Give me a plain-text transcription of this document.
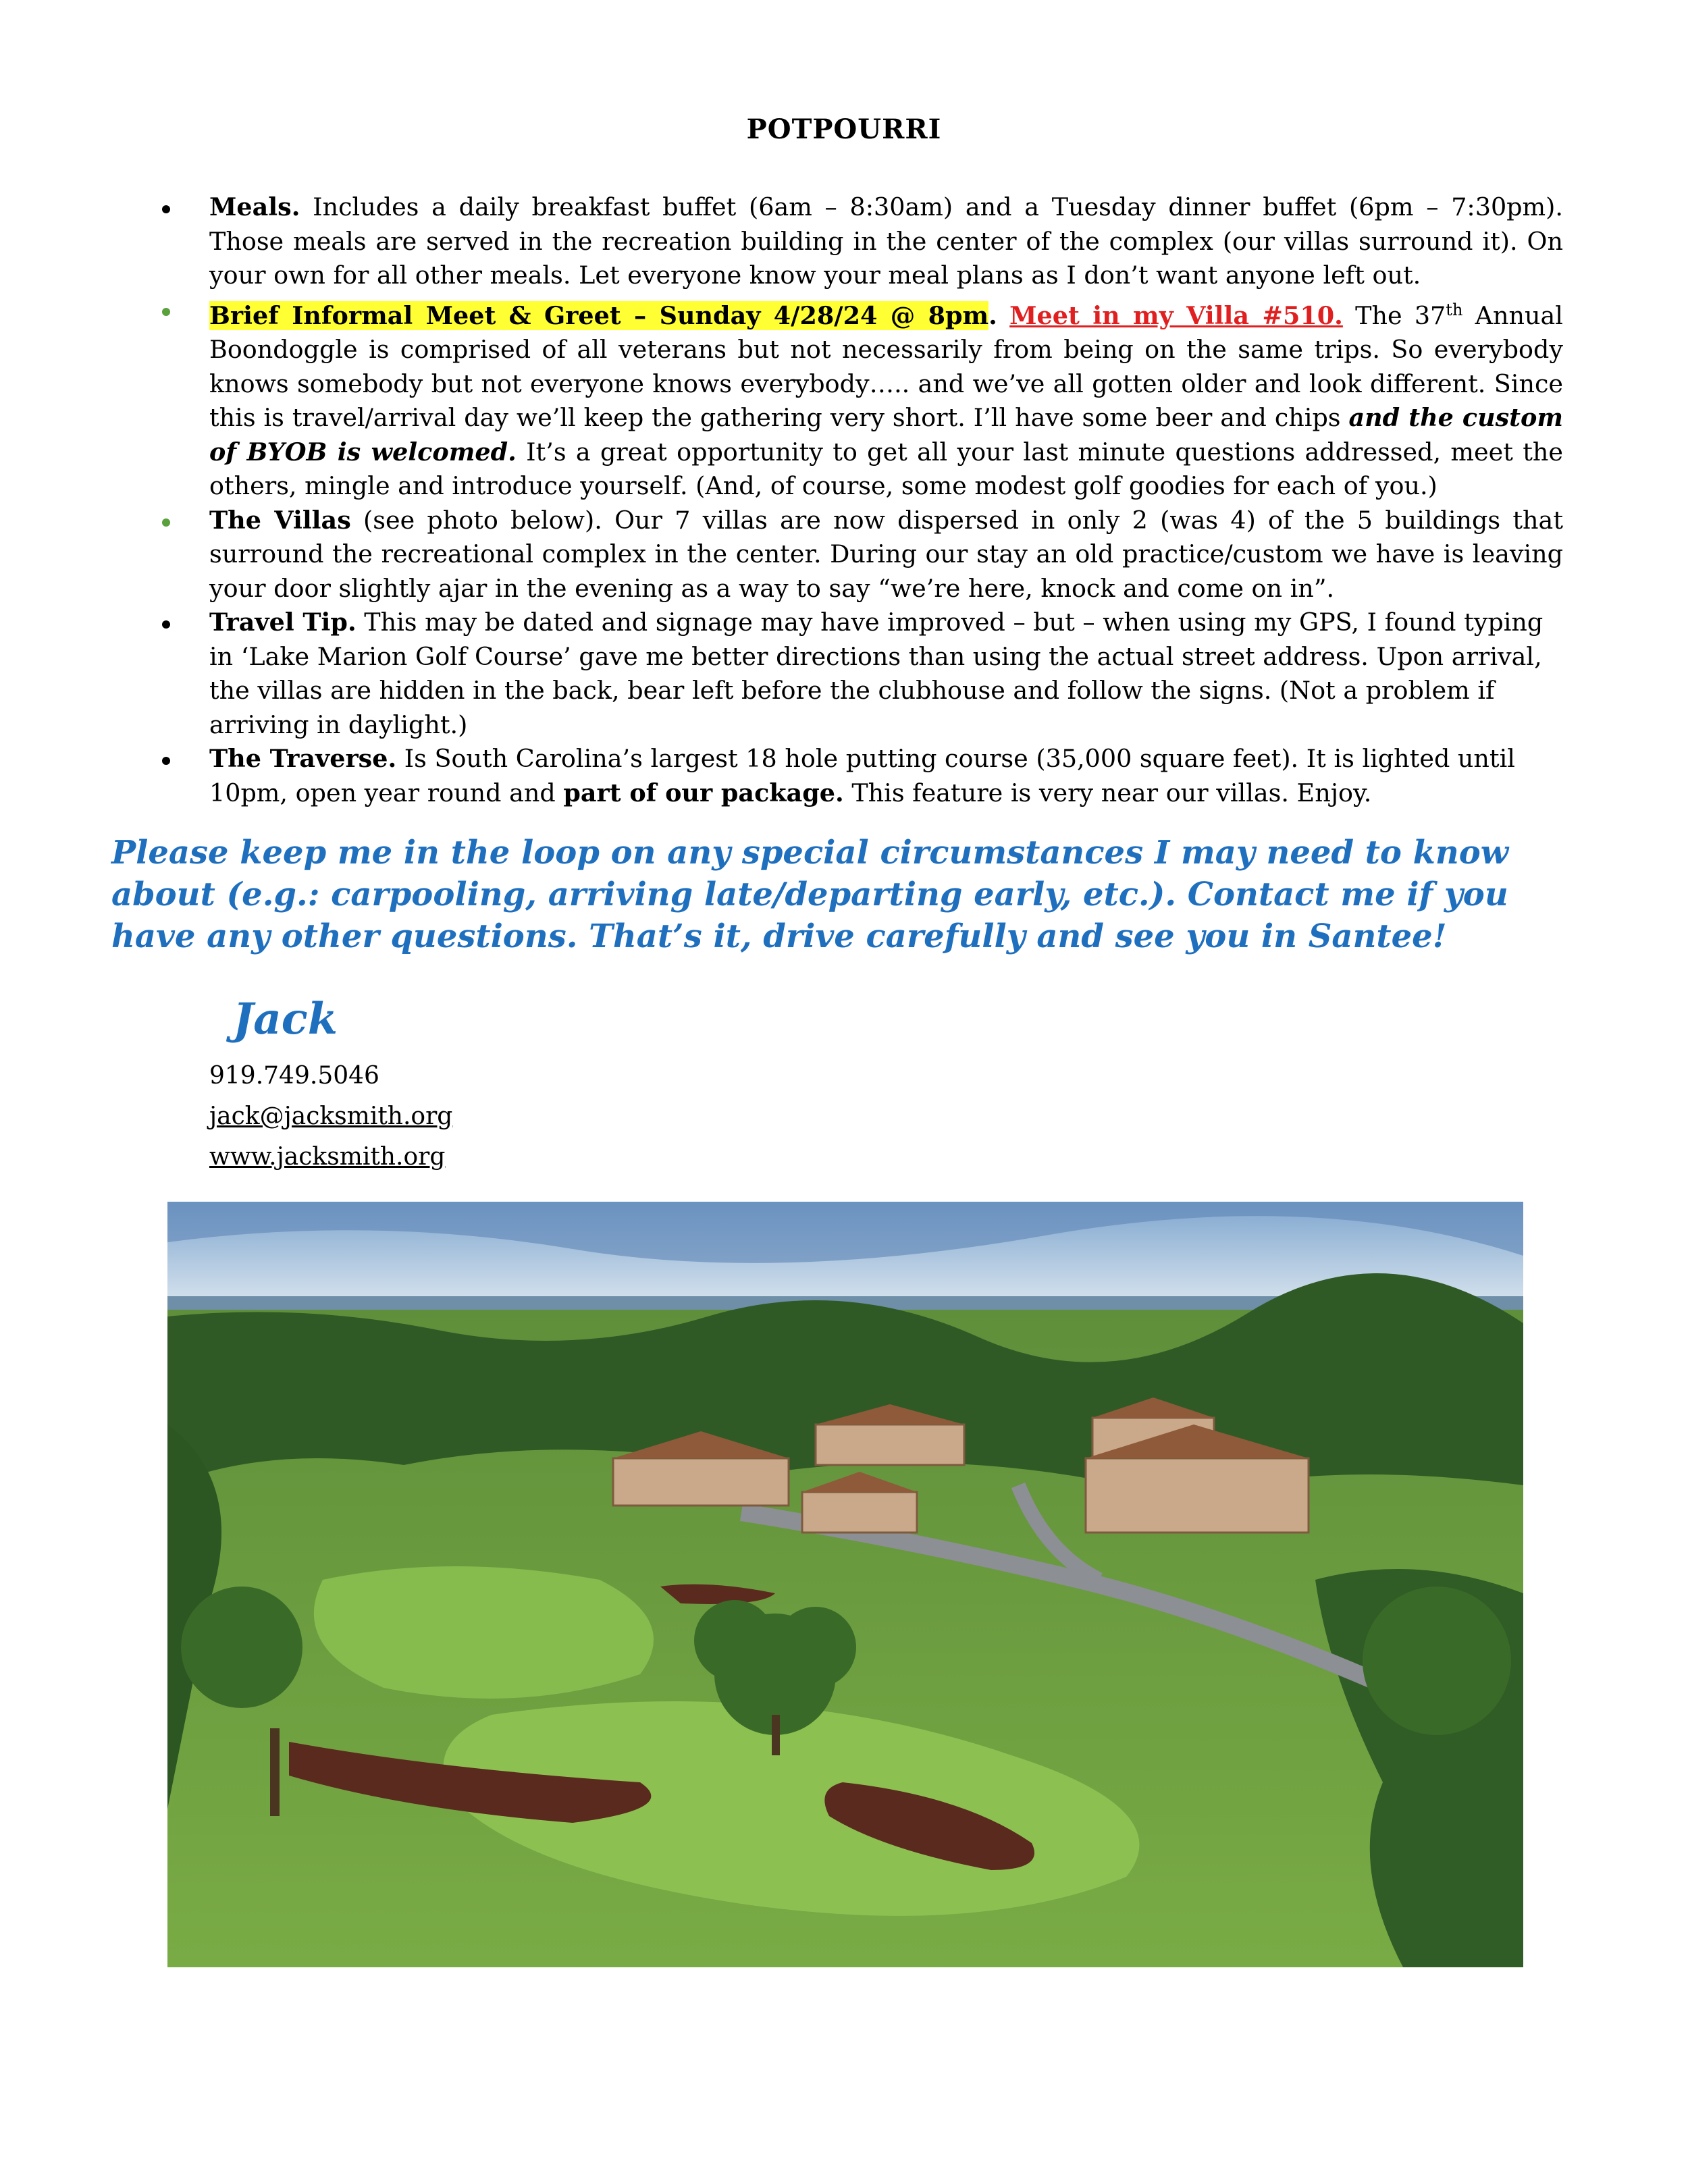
POTPOURRI
Meals. Includes a daily breakfast buffet (6am – 8:30am) and a Tuesday dinner buffet (6pm – 7:30pm). Those meals are served in the recreation building in the center of the complex (our villas surround it). On your own for all other meals. Let everyone know your meal plans as I don’t want anyone left out.
Brief Informal Meet & Greet – Sunday 4/28/24 @ 8pm. Meet in my Villa #510. The 37th Annual Boondoggle is comprised of all veterans but not necessarily from being on the same trips. So everybody knows somebody but not everyone knows everybody….. and we’ve all gotten older and look different. Since this is travel/arrival day we’ll keep the gathering very short. I’ll have some beer and chips and the custom of BYOB is welcomed. It’s a great opportunity to get all your last minute questions addressed, meet the others, mingle and introduce yourself. (And, of course, some modest golf goodies for each of you.)
The Villas (see photo below). Our 7 villas are now dispersed in only 2 (was 4) of the 5 buildings that surround the recreational complex in the center. During our stay an old practice/custom we have is leaving your door slightly ajar in the evening as a way to say “we’re here, knock and come on in”.
Travel Tip. This may be dated and signage may have improved – but – when using my GPS, I found typing in ‘Lake Marion Golf Course’ gave me better directions than using the actual street address. Upon arrival, the villas are hidden in the back, bear left before the clubhouse and follow the signs. (Not a problem if arriving in daylight.)
The Traverse. Is South Carolina’s largest 18 hole putting course (35,000 square feet). It is lighted until 10pm, open year round and part of our package. This feature is very near our villas. Enjoy.

Please keep me in the loop on any special circumstances I may need to know about (e.g.: carpooling, arriving late/departing early, etc.). Contact me if you have any other questions. That’s it, drive carefully and see you in Santee!

Jack
919.749.5046
jack@jacksmith.org
www.jacksmith.org
